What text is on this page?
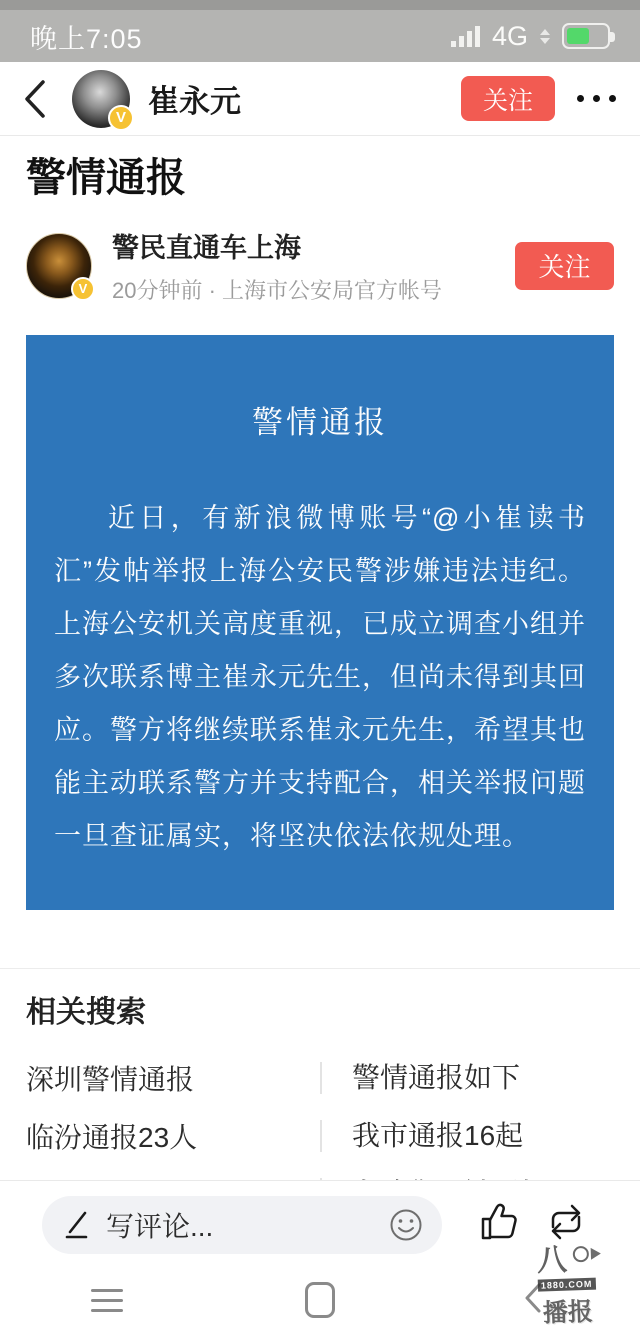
晚上7:05	4G
V 崔永元	关注
警情通报
V
警民直通车上海
20分钟前 · 上海市公安局官方帐号
关注
警情通报
近日，有新浪微博账号“@小崔读书汇”发帖举报上海公安民警涉嫌违法违纪。上海公安机关高度重视，已成立调查小组并多次联系博主崔永元先生，但尚未得到其回应。警方将继续联系崔永元先生，希望其也能主动联系警方并支持配合，相关举报问题一旦查证属实，将坚决依法依规处理。
相关搜索
深圳警情通报	警情通报如下
临汾通报23人	我市通报16起
写评论...
八
1880.COM 播报
